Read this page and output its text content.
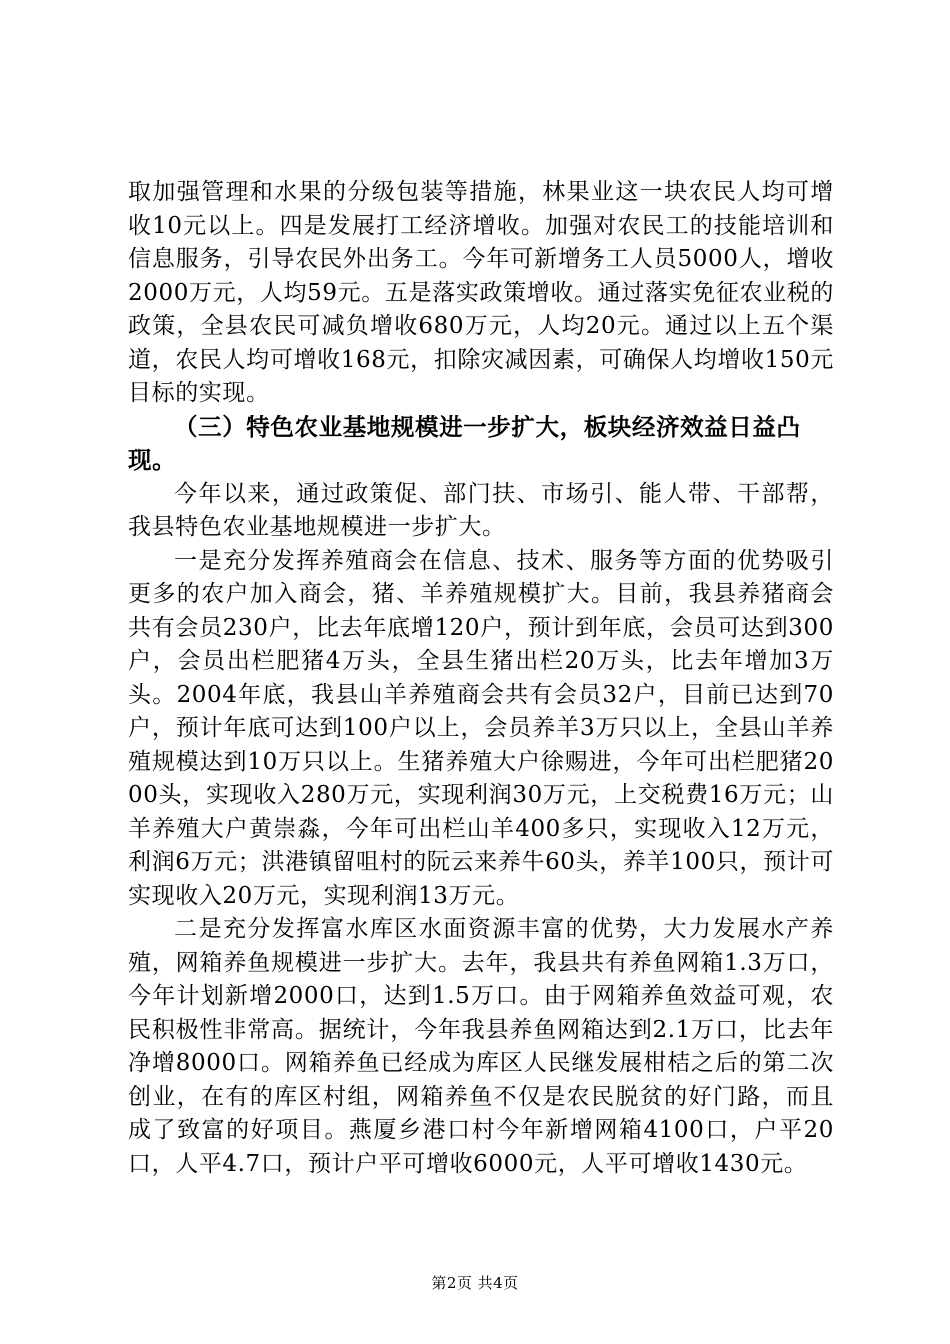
取加强管理和水果的分级包装等措施，林果业这一块农民人均可增收10元以上。四是发展打工经济增收。加强对农民工的技能培训和信息服务，引导农民外出务工。今年可新增务工人员5000人，增收2000万元，人均59元。五是落实政策增收。通过落实免征农业税的政策，全县农民可减负增收680万元，人均20元。通过以上五个渠道，农民人均可增收168元，扣除灾减因素，可确保人均增收150元目标的实现。

（三）特色农业基地规模进一步扩大，板块经济效益日益凸现。

今年以来，通过政策促、部门扶、市场引、能人带、干部帮，我县特色农业基地规模进一步扩大。

一是充分发挥养殖商会在信息、技术、服务等方面的优势吸引更多的农户加入商会，猪、羊养殖规模扩大。目前，我县养猪商会共有会员230户，比去年底增120户，预计到年底，会员可达到300户，会员出栏肥猪4万头，全县生猪出栏20万头，比去年增加3万头。2004年底，我县山羊养殖商会共有会员32户，目前已达到70户，预计年底可达到100户以上，会员养羊3万只以上，全县山羊养殖规模达到10万只以上。生猪养殖大户徐赐进，今年可出栏肥猪2000头，实现收入280万元，实现利润30万元，上交税费16万元；山羊养殖大户黄崇淼，今年可出栏山羊400多只，实现收入12万元，利润6万元；洪港镇留咀村的阮云来养牛60头，养羊100只，预计可实现收入20万元，实现利润13万元。

二是充分发挥富水库区水面资源丰富的优势，大力发展水产养殖，网箱养鱼规模进一步扩大。去年，我县共有养鱼网箱1.3万口，今年计划新增2000口，达到1.5万口。由于网箱养鱼效益可观，农民积极性非常高。据统计，今年我县养鱼网箱达到2.1万口，比去年净增8000口。网箱养鱼已经成为库区人民继发展柑桔之后的第二次创业，在有的库区村组，网箱养鱼不仅是农民脱贫的好门路，而且成了致富的好项目。燕厦乡港口村今年新增网箱4100口，户平20口，人平4.7口，预计户平可增收6000元，人平可增收1430元。

第2页 共4页
